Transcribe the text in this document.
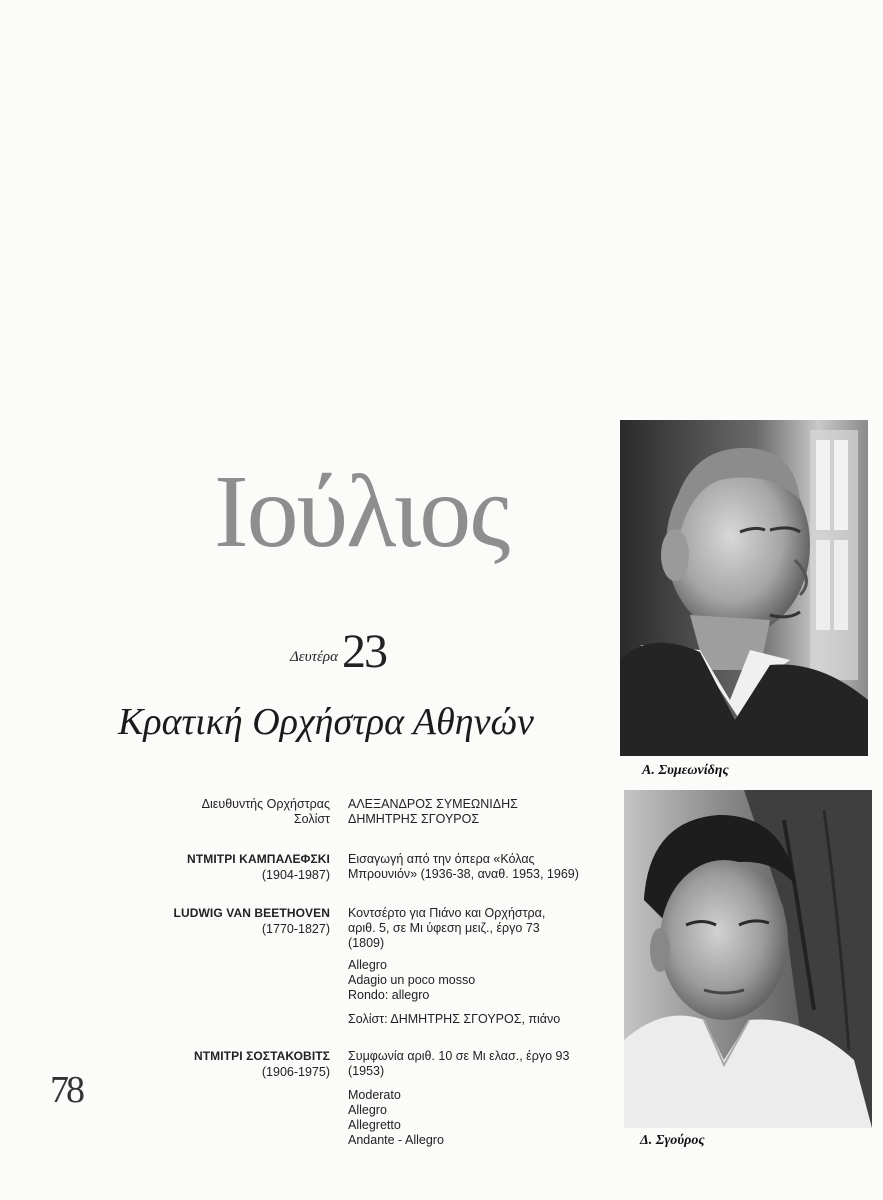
Ιούλιος
Δευτέρα23
Κρατική Ορχήστρα Αθηνών
Διευθυντής Ορχήστρας ΑΛΕΞΑΝΔΡΟΣ ΣΥΜΕΩΝΙΔΗΣ
Σολίστ ΔΗΜΗΤΡΗΣ ΣΓΟΥΡΟΣ
ΝΤΜΙΤΡΙ ΚΑΜΠΑΛΕΦΣΚΙ
(1904-1987)
Εισαγωγή από την όπερα «Κόλας
Μπρουνιόν» (1936-38, αναθ. 1953, 1969)
LUDWIG VAN BEETHOVEN
(1770-1827)
Κοντσέρτο για Πιάνο και Ορχήστρα,
αριθ. 5, σε Μι ύφεση μειζ., έργο 73
(1809)
Allegro
Adagio un poco mosso
Rondo: allegro
Σολίστ: ΔΗΜΗΤΡΗΣ ΣΓΟΥΡΟΣ, πιάνο
ΝΤΜΙΤΡΙ ΣΟΣΤΑΚΟΒΙΤΣ
(1906-1975)
Συμφωνία αριθ. 10 σε Μι ελασ., έργο 93
(1953)
Moderato
Allegro
Allegretto
Andante - Allegro
78
Α. Συμεωνίδης
Δ. Σγούρος
